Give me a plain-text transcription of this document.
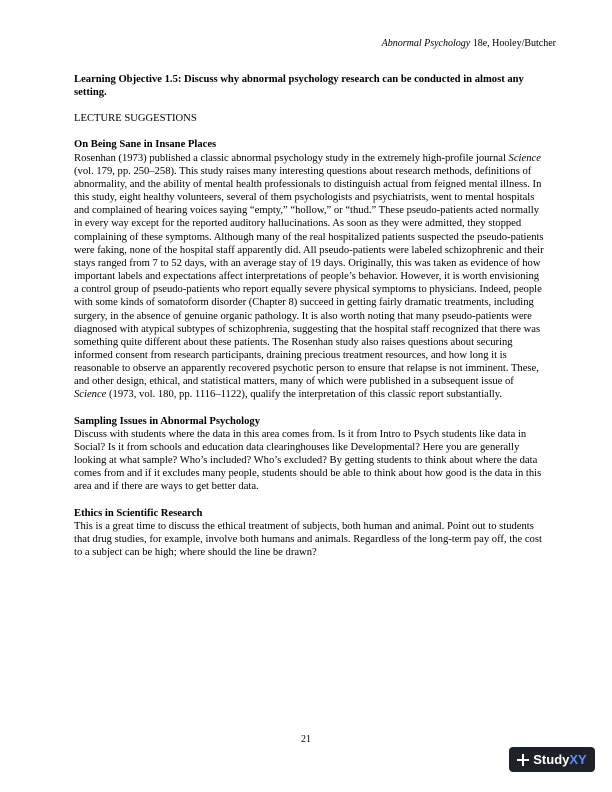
Abnormal Psychology 18e, Hooley/Butcher

Learning Objective 1.5: Discuss why abnormal psychology research can be conducted in almost any setting.

LECTURE SUGGESTIONS

On Being Sane in Insane Places

Rosenhan (1973) published a classic abnormal psychology study in the extremely high-profile journal Science (vol. 179, pp. 250–258). This study raises many interesting questions about research methods, definitions of abnormality, and the ability of mental health professionals to distinguish actual from feigned mental illness. In this study, eight healthy volunteers, several of them psychologists and psychiatrists, went to mental hospitals and complained of hearing voices saying “empty,” “hollow,” or “thud.” These pseudo-patients acted normally in every way except for the reported auditory hallucinations. As soon as they were admitted, they stopped complaining of these symptoms. Although many of the real hospitalized patients suspected the pseudo-patients were faking, none of the hospital staff apparently did. All pseudo-patients were labeled schizophrenic and their stays ranged from 7 to 52 days, with an average stay of 19 days. Originally, this was taken as evidence of how important labels and expectations affect interpretations of people’s behavior. However, it is worth envisioning a control group of pseudo-patients who report equally severe physical symptoms to physicians. Indeed, people with some kinds of somatoform disorder (Chapter 8) succeed in getting fairly dramatic treatments, including surgery, in the absence of genuine organic pathology. It is also worth noting that many pseudo-patients were diagnosed with atypical subtypes of schizophrenia, suggesting that the hospital staff recognized that there was something quite different about these patients. The Rosenhan study also raises questions about securing informed consent from research participants, draining precious treatment resources, and how long it is reasonable to observe an apparently recovered psychotic person to ensure that relapse is not imminent. These, and other design, ethical, and statistical matters, many of which were published in a subsequent issue of Science (1973, vol. 180, pp. 1116–1122), qualify the interpretation of this classic report substantially.

Sampling Issues in Abnormal Psychology

Discuss with students where the data in this area comes from. Is it from Intro to Psych students like data in Social? Is it from schools and education data clearinghouses like Developmental? Here you are generally looking at what sample? Who’s included? Who’s excluded? By getting students to think about where the data comes from and if it excludes many people, students should be able to think about how good is the data in this area and if there are ways to get better data.

Ethics in Scientific Research

This is a great time to discuss the ethical treatment of subjects, both human and animal. Point out to students that drug studies, for example, involve both humans and animals. Regardless of the long-term pay off, the cost to a subject can be high; where should the line be drawn?

21
Study XY
